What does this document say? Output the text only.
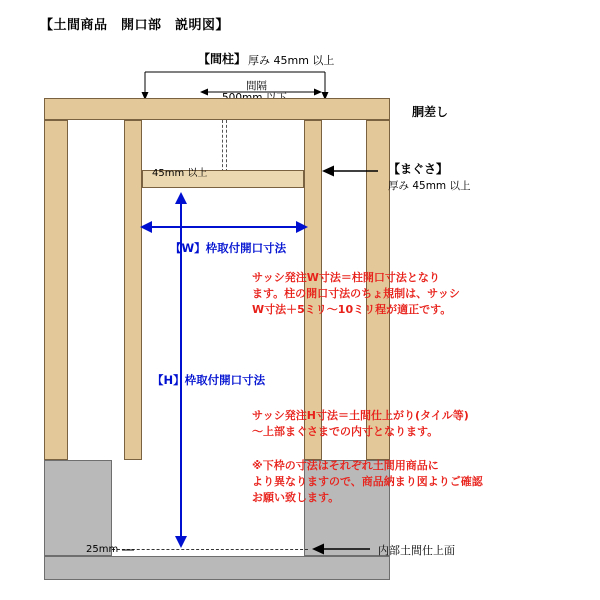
【土間商品　開口部　説明図】
【間柱】 厚み 45mm 以上
間隔
胴差し
45mm 以上	【まぐさ】
厚み 45mm 以上
25mm	内部土間仕上面
【W】枠取付開口寸法
【H】枠取付開口寸法
サッシ発注W寸法＝柱開口寸法となり
ます。柱の開口寸法のちょ規制は、サッシ
W寸法＋5ミリ～10ミリ程が適正です。
サッシ発注H寸法＝土間仕上がり(タイル等)
～上部まぐさまでの内寸となります。
※下枠の寸法はそれぞれ土間用商品に
より異なりますので、商品納まり図よりご確認
お願い致します。
